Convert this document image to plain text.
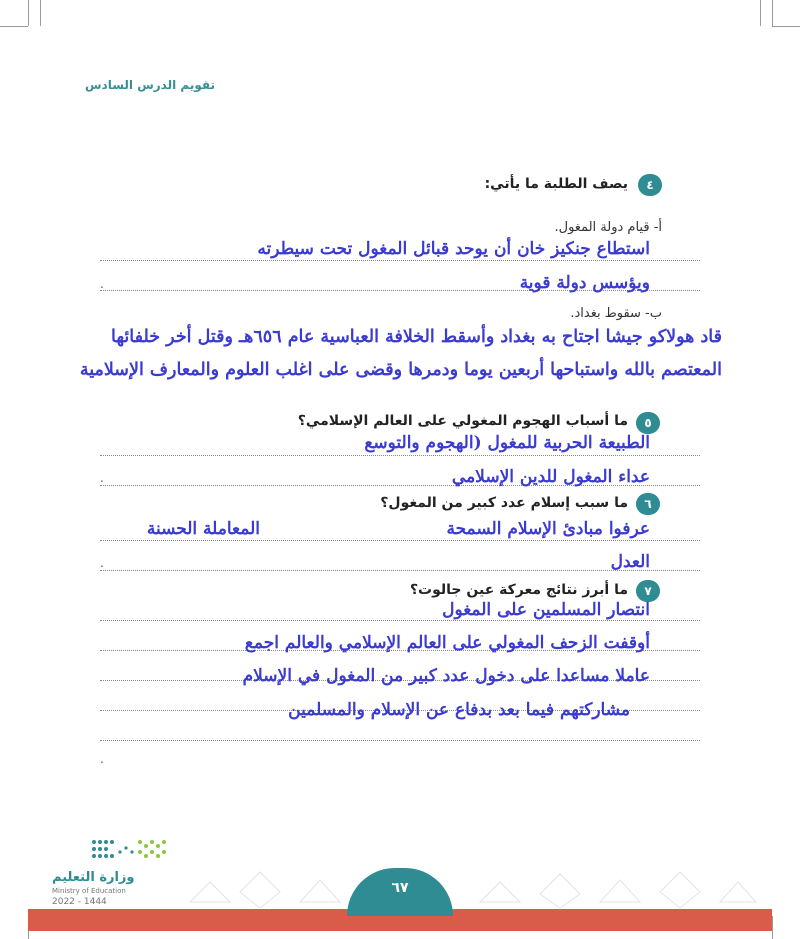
تقويم الدرس السادس
٤
يصف الطلبة ما يأتي:
أ- قيام دولة المغول.
استطاع جنكيز خان أن يوحد قبائل المغول تحت سيطرته
ويؤسس دولة قوية
.
ب- سقوط بغداد.
قاد هولاكو جيشا اجتاح به بغداد وأسقط الخلافة العباسية عام ٦٥٦هـ وقتل أخر خلفائها
المعتصم بالله واستباحها أربعين يوما ودمرها وقضى على اغلب العلوم والمعارف الإسلامية
٥
ما أسباب الهجوم المغولي على العالم الإسلامي؟
الطبيعة الحربية للمغول (الهجوم والتوسع
عداء المغول للدين الإسلامي
.
٦
ما سبب إسلام عدد كبير من المغول؟
عرفوا مبادئ الإسلام السمحة
المعاملة الحسنة
العدل
.
٧
ما أبرز نتائج معركة عين جالوت؟
انتصار المسلمين على المغول
أوقفت الزحف المغولي على العالم الإسلامي والعالم اجمع
عاملا مساعدا على دخول عدد كبير من المغول في الإسلام
مشاركتهم فيما بعد بدفاع عن الإسلام والمسلمين
.
٦٧
وزارة التعليم
Ministry of Education
2022 - 1444
